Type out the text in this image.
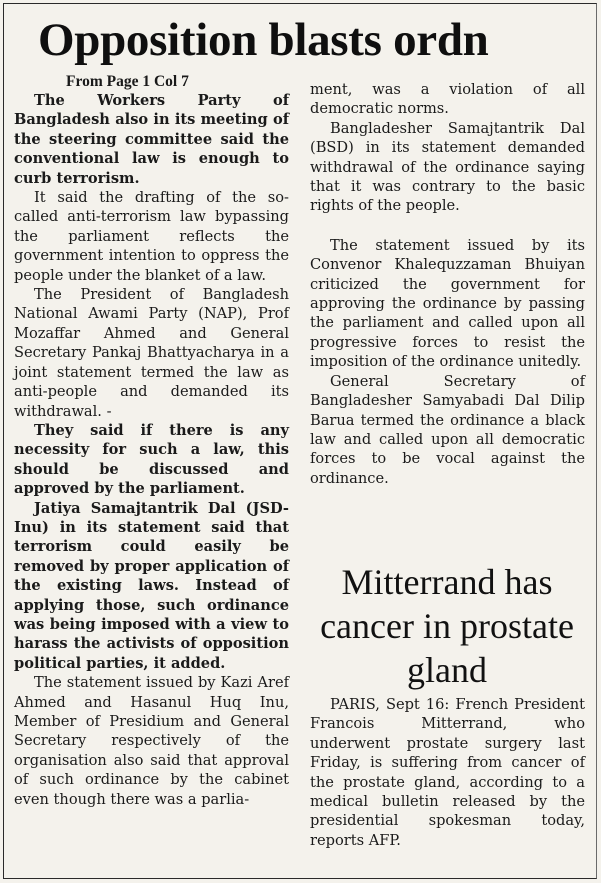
Opposition blasts ordn
From Page 1 Col 7

The Workers Party of Bangladesh also in its meeting of the steering committee said the conventional law is enough to curb terrorism.

It said the drafting of the so-called anti-terrorism law bypassing the parliament reflects the government intention to oppress the people under the blanket of a law.

The President of Bangladesh National Awami Party (NAP), Prof Mozaffar Ahmed and General Secretary Pankaj Bhattyacharya in a joint statement termed the law as anti-people and demanded its withdrawal. -

They said if there is any necessity for such a law, this should be discussed and approved by the parliament.

Jatiya Samajtantrik Dal (JSD-Inu) in its statement said that terrorism could easily be removed by proper application of the existing laws. Instead of applying those, such ordinance was being imposed with a view to harass the activists of opposition political parties, it added.

The statement issued by Kazi Aref Ahmed and Hasanul Huq Inu, Member of Presidium and General Secretary respectively of the organisation also said that approval of such ordinance by the cabinet even though there was a parlia-

ment, was a violation of all democratic norms.

Bangladesher Samajtantrik Dal (BSD) in its statement demanded withdrawal of the ordinance saying that it was contrary to the basic rights of the people.

The statement issued by its Convenor Khalequzzaman Bhuiyan criticized the government for approving the ordinance by passing the parliament and called upon all progressive forces to resist the imposition of the ordinance unitedly.

General Secretary of Bangladesher Samyabadi Dal Dilip Barua termed the ordinance a black law and called upon all democratic forces to be vocal against the ordinance.

Mitterrand has cancer in prostate gland

PARIS, Sept 16: French President Francois Mitterrand, who underwent prostate surgery last Friday, is suffering from cancer of the prostate gland, according to a medical bulletin released by the presidential spokesman today, reports AFP.
